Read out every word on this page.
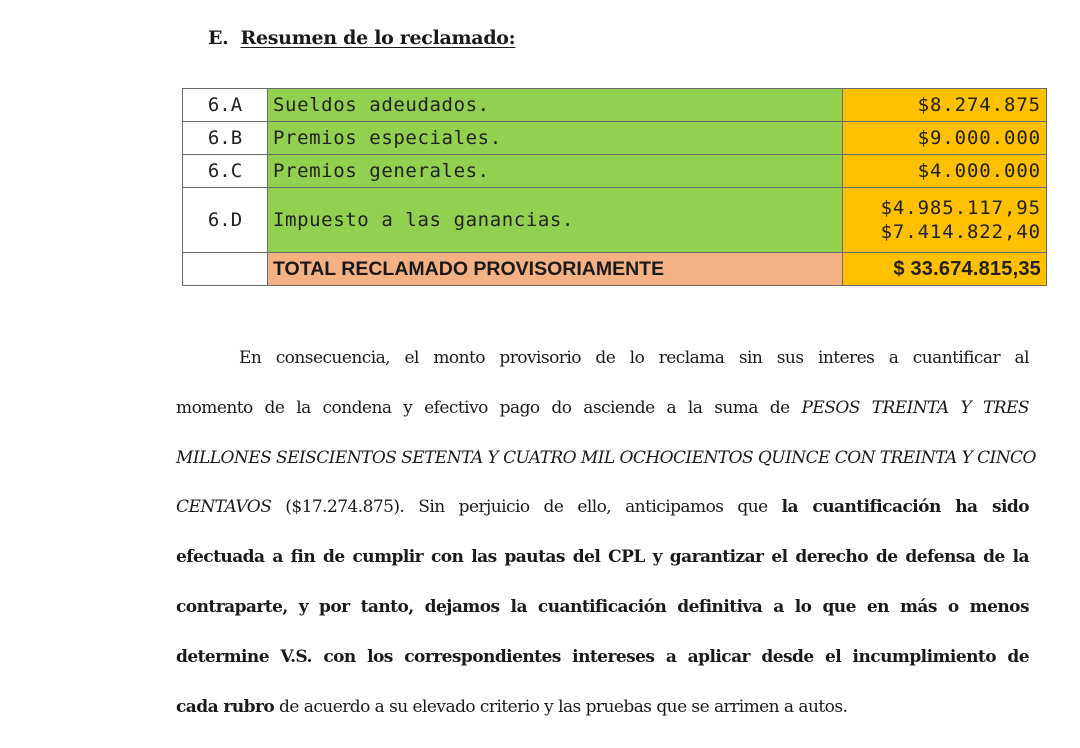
E. Resumen de lo reclamado:
6.A	Sueldos adeudados.	$8.274.875
6.B	Premios especiales.	$9.000.000
6.C	Premios generales.	$4.000.000
6.D	Impuesto a las ganancias.	$4.985.117,95
$7.414.822,40

	TOTAL RECLAMADO PROVISORIAMENTE	$ 33.674.815,35
En consecuencia, el monto provisorio de lo reclama sin sus interes a cuantificar al
momento de la condena y efectivo pago do asciende a la suma de PESOS TREINTA Y TRES
MILLONES SEISCIENTOS SETENTA Y CUATRO MIL OCHOCIENTOS QUINCE CON TREINTA Y CINCO
CENTAVOS ($17.274.875). Sin perjuicio de ello, anticipamos que la cuantificación ha sido
efectuada a fin de cumplir con las pautas del CPL y garantizar el derecho de defensa de la
contraparte, y por tanto, dejamos la cuantificación definitiva a lo que en más o menos
determine V.S. con los correspondientes intereses a aplicar desde el incumplimiento de
cada rubro de acuerdo a su elevado criterio y las pruebas que se arrimen a autos.
